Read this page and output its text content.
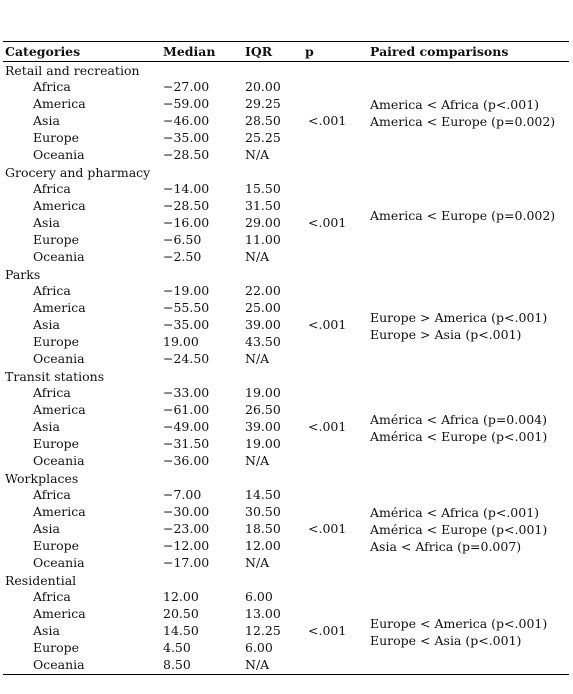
Categories	Median IQR	p	Paired comparisons
Retail and recreation
Africa	−27.00	20.00
America	−59.00	29.25
Asia	−46.00	28.50
Europe	−35.00	25.25
Oceania	−28.50	N/A
<.001
America < Africa (p<.001)
America < Europe (p=0.002)
Grocery and pharmacy
Africa	−14.00	15.50
America	−28.50	31.50
Asia	−16.00	29.00
Europe	−6.50	11.00
Oceania	−2.50	N/A
<.001 America < Europe (p=0.002)
Parks
Africa	−19.00	22.00
America	−55.50	25.00
Asia	−35.00	39.00
Europe	19.00	43.50
Oceania	−24.50	N/A
<.001 Europe > America (p<.001)
Europe > Asia (p<.001)
Transit stations
Africa	−33.00	19.00
America	−61.00	26.50
Asia	−49.00	39.00
Europe	−31.50	19.00
Oceania	−36.00	N/A
<.001 América < Africa (p=0.004)
América < Europe (p<.001)
Workplaces
Africa	−7.00	14.50
America	−30.00	30.50
Asia	−23.00	18.50
Europe	−12.00	12.00
Oceania	−17.00	N/A
<.001
América < Africa (p<.001)
América < Europe (p<.001)
Asia < Africa (p=0.007)
Residential
Africa	12.00	6.00
America	20.50	13.00
Asia	14.50	12.25
Europe	4.50	6.00
Oceania	8.50	N/A
<.001 Europe < America (p<.001)
Europe < Asia (p<.001)
